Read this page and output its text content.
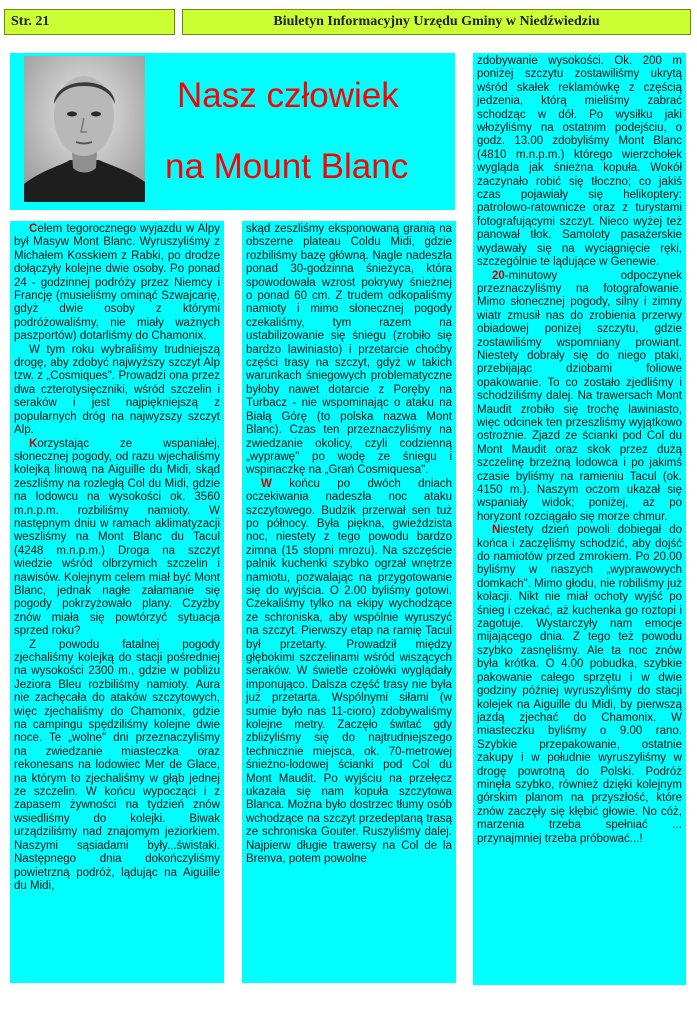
Str. 21	Biuletyn Informacyjny Urzędu Gminy w Niedźwiedziu
Nasz człowiek
na Mount Blanc

Celem tegorocznego wyjazdu w Alpy był Masyw Mont Blanc. Wyruszyliśmy z Michałem Kosskiem z Rabki, po drodze dołączyły kolejne dwie osoby. Po ponad 24 - godzinnej podróży przez Niemcy i Francję (musieliśmy ominąć Szwajcarię, gdyż dwie osoby z którymi podróżowaliśmy, nie miały ważnych paszportów) dotarliśmy do Chamonix.

W tym roku wybraliśmy trudniejszą drogę, aby zdobyć najwyższy szczyt Alp tzw. z „Cosmiques". Prowadzi ona przez dwa czterotysięczniki, wśród szczelin i seraków i jest najpiękniejszą z popularnych dróg na najwyższy szczyt Alp.

Korzystając ze wspaniałej, słonecznej pogody, od razu wjechaliśmy kolejką linową na Aiguille du Midi, skąd zeszliśmy na rozległą Col du Midi, gdzie na lodowcu na wysokości ok. 3560 m.n.p.m. rozbiliśmy namioty. W następnym dniu w ramach aklimatyzacji weszliśmy na Mont Blanc du Tacul (4248 m.n.p.m.) Droga na szczyt wiedzie wśród olbrzymich szczelin i nawisów. Kolejnym celem miał być Mont Blanc, jednak nagłe załamanie się pogody pokrzyżowało plany. Czyżby znów miała się powtórzyć sytuacja sprzed roku?

Z powodu fatalnej pogody zjechaliśmy kolejką do stacji pośredniej na wysokości 2300 m., gdzie w pobliżu Jeziora Bleu rozbiliśmy namioty. Aura nie zachęcała do ataków szczytowych, więc zjechaliśmy do Chamonix, gdzie na campingu spędziliśmy kolejne dwie noce. Te „wolne" dni przeznaczyliśmy na zwiedzanie miasteczka oraz rekonesans na lodowiec Mer de Glace, na którym to zjechaliśmy w głąb jednej ze szczelin. W końcu wypocząci i z zapasem żywności na tydzień znów wsiedliśmy do kolejki. Biwak urządziliśmy nad znajomym jeziorkiem. Naszymi sąsiadami były...świstaki. Następnego dnia dokończyliśmy powietrzną podróż, lądując na Aiguille du Midi,

skąd zeszliśmy eksponowaną granią na obszerne plateau Coldu Midi, gdzie rozbiliśmy bazę główną. Nagle nadeszła ponad 30-godzinna śnieżyca, która spowodowała wzrost pokrywy śnieżnej o ponad 60 cm. Z trudem odkopaliśmy namioty i mimo słonecznej pogody czekaliśmy, tym razem na ustabilizowanie się śniegu (zrobiło się bardzo lawiniasto) i przetarcie choćby części trasy na szczyt, gdyż w takich warunkach śniegowych problematyczne byłoby nawet dotarcie z Poręby na Turbacz - nie wspominając o ataku na Białą Górę (to polska nazwa Mont Blanc). Czas ten przeznaczyliśmy na zwiedzanie okolicy, czyli codzienną „wyprawę" po wodę ze śniegu i wspinaczkę na „Grań Cosmiquesa".

W końcu po dwóch dniach oczekiwania nadeszła noc ataku szczytowego. Budzik przerwał sen tuż po północy. Była piękna, gwieździsta noc, niestety z tego powodu bardzo zimna (15 stopni mrozu). Na szczęście palnik kuchenki szybko ogrzał wnętrze namiotu, pozwalając na przygotowanie się do wyjścia. O 2.00 byliśmy gotowi. Czekaliśmy tylko na ekipy wychodzące ze schroniska, aby wspólnie wyruszyć na szczyt. Pierwszy etap na ramię Tacul był przetarty. Prowadził między głębokimi szczelinami wśród wiszących seraków. W świetle czołówki wyglądały imponująco. Dalsza część trasy nie była już przetarta. Wspólnymi siłami (w sumie było nas 11-cioro) zdobywaliśmy kolejne metry. Zaczęło świtać gdy zbliżyliśmy się do najtrudniejszego technicznie miejsca, ok. 70-metrowej śnieżno-lodowej ścianki pod Col du Mont Maudit. Po wyjściu na przełęcz ukazała się nam kopuła szczytowa Blanca. Można było dostrzec tłumy osób wchodzące na szczyt przedeptaną trasą ze schroniska Gouter. Ruszyliśmy dalej. Najpierw długie trawersy na Col de la Brenva, potem powolne

zdobywanie wysokości. Ok. 200 m poniżej szczytu zostawiliśmy ukrytą wśród skałek reklamówkę z częścią jedzenia, którą mieliśmy zabrać schodząc w dół. Po wysiłku jaki włożyliśmy na ostatnim podejściu, o godz. 13.00 zdobyliśmy Mont Blanc (4810 m.n.p.m.) którego wierzchołek wygląda jak śnieżna kopuła. Wokół zaczynało robić się tłoczno; co jakiś czas pojawiały się helikoptery: patrolowo-ratownicze oraz z turystami fotografującymi szczyt. Nieco wyżej też panował tłok. Samoloty pasażerskie wydawały się na wyciągnięcie ręki, szczególnie te lądujące w Genewie.

20-minutowy odpoczynek przeznaczyliśmy na fotografowanie. Mimo słonecznej pogody, silny i zimny wiatr zmusił nas do zrobienia przerwy obiadowej poniżej szczytu, gdzie zostawiliśmy wspomniany prowiant. Niestety dobrały się do niego ptaki, przebijając dziobami foliowe opakowanie. To co zostało zjedliśmy i schodziliśmy dalej. Na trawersach Mont Maudit zrobiło się trochę lawiniasto, więc odcinek ten przeszliśmy wyjątkowo ostrożnie. Zjazd ze ścianki pod Col du Mont Maudit oraz skok przez dużą szczelinę brzeżną lodowca i po jakimś czasie byliśmy na ramieniu Tacul (ok. 4150 m.). Naszym oczom ukazał się wspaniały widok; poniżej, aż po horyzont rozciągało się morze chmur.

Niestety dzień powoli dobiegał do końca i zaczęliśmy schodzić, aby dojść do namiotów przed zmrokiem. Po 20.00 byliśmy w naszych „wyprawowych domkach". Mimo głodu, nie robiliśmy już kolacji. Nikt nie miał ochoty wyjść po śnieg i czekać, aż kuchenka go roztopi i zagotuje. Wystarczyły nam emocje mijającego dnia. Z tego też powodu szybko zasnęliśmy. Ale ta noc znów była krótka. O 4.00 pobudka, szybkie pakowanie całego sprzętu i w dwie godziny później wyruszyliśmy do stacji kolejek na Aiguille du Midi, by pierwszą jazdą zjechać do Chamonix. W miasteczku byliśmy o 9.00 rano. Szybkie przepakowanie, ostatnie zakupy i w południe wyruszyliśmy w drogę powrotną do Polski. Podróż minęła szybko, również dzięki kolejnym górskim planom na przyszłość, które znów zaczęły się kłębić głowie. No cóż, marzenia trzeba spełniać ... przynajmniej trzeba próbować...!
